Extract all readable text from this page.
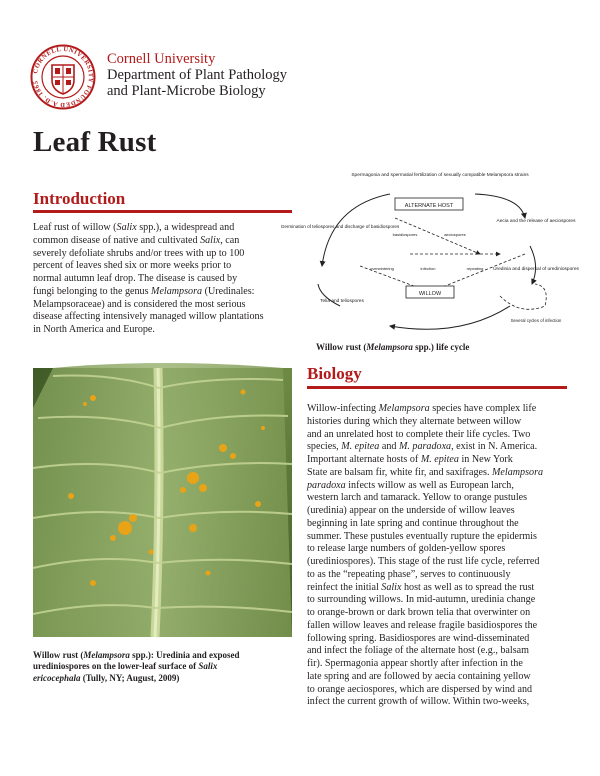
CORNELL UNIVERSITY FOUNDED A.D. 1865
Cornell University
Department of Plant Pathology
and Plant-Microbe Biology
Leaf Rust
Introduction

Leaf rust of willow (Salix spp.), a widespread and

common disease of native and cultivated Salix, can

severely defoliate shrubs and/or trees with up to 100

percent of leaves shed six or more weeks prior to

normal autumn leaf drop. The disease is caused by

fungi belonging to the genus Melampsora (Uredinales:

Melampsoraceae) and is considered the most serious

disease affecting intensively managed willow plantations

in North America and Europe.

Willow rust (Melampsora spp.): Uredinia and exposed
urediniospores on the lower-leaf surface of Salix
ericocephala (Tully, NY; August, 2009)
Spermagonia and spermatial fertilization of sexually compatible Melampsora strains
ALTERNATE HOST
Aecia and the release of aeciospores
Germination of teliospores and discharge of basidiospores
Uredinia and dispersal of urediniospores
WILLOW
Telia and teliospores
Several cycles of infection
basidiospores	aeciospores
overwintering	infection	repeating
Willow rust (Melampsora spp.) life cycle
Biology

Willow-infecting Melampsora species have complex life

histories during which they alternate between willow

and an unrelated host to complete their life cycles. Two

species, M. epitea and M. paradoxa, exist in N. America.

Important alternate hosts of M. epitea in New York

State are balsam fir, white fir, and saxifrages. Melampsora

paradoxa infects willow as well as European larch,

western larch and tamarack. Yellow to orange pustules

(uredinia) appear on the underside of willow leaves

beginning in late spring and continue throughout the

summer. These pustules eventually rupture the epidermis

to release large numbers of golden-yellow spores

(urediniospores). This stage of the rust life cycle, referred

to as the “repeating phase”, serves to continuously

reinfect the initial Salix host as well as to spread the rust

to surrounding willows. In mid-autumn, uredinia change

to orange-brown or dark brown telia that overwinter on

fallen willow leaves and release fragile basidiospores the

following spring. Basidiospores are wind-disseminated

and infect the foliage of the alternate host (e.g., balsam

fir). Spermagonia appear shortly after infection in the

late spring and are followed by aecia containing yellow

to orange aeciospores, which are dispersed by wind and

infect the current growth of willow. Within two-weeks,
